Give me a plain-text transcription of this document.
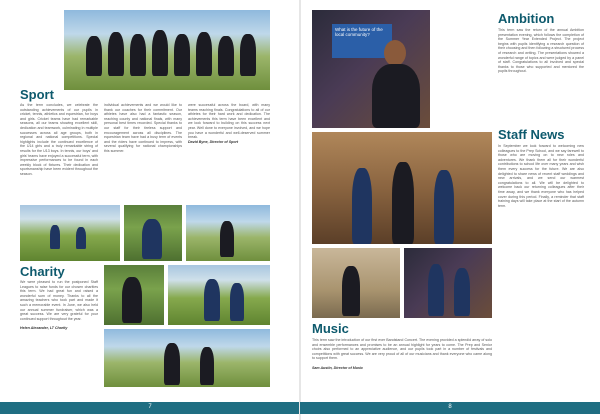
Sport
As the term concludes, we celebrate the outstanding achievements of our pupils in cricket, tennis, athletics and equestrian, for boys and girls. Cricket teams have had remarkable seasons, all our teams showing excellent skill, dedication and teamwork, culminating in multiple successes across all age groups, both in regional and national competitions. Special highlights include the continued excellence of the U14 girls and a truly remarkable string of results for the U13 boys. In tennis, our boys' and girls' teams have enjoyed a successful term, with impressive performances to be found in each weekly block of fixtures. Their dedication and sportsmanship have been evident throughout the season.
individual achievements and we would like to thank our coaches for their commitment. Our athletes have also had a fantastic season, reaching county and national finals, with many personal best times recorded. Special thanks to our staff for their tireless support and encouragement across all disciplines. The equestrian team have had a busy term of events and the riders have continued to impress, with several qualifying for national championships this summer.
were successful across the board, with many teams reaching finals. Congratulations to all of our athletes for their hard work and dedication. The achievements this term have been excellent and we look forward to building on this success next year. Well done to everyone involved, and we hope you have a wonderful and well-deserved summer break.
David Byne, Director of Sport
Charity
We were pleased to run the postponed Staff Leagues to raise funds for our chosen charities this term. We had great fun and raised a wonderful sum of money. Thanks to all the amazing teachers who took part and made it such a memorable event. In June, we also held our annual summer fundraiser, which was a great success. We are very grateful for your continued support throughout the year.

Helen Alexander, LT Charity
7
What is the future of the local community?
Ambition
This term saw the return of the annual Ambition presentation evening, which follows the completion of the Summer Year Extended Project. The project begins with pupils identifying a research question of their choosing and then following a structured process of research and writing. The presentations showed a wonderful range of topics and were judged by a panel of staff. Congratulations to all involved and special thanks to those who supported and mentored the pupils throughout.
Staff News
In September we look forward to welcoming new colleagues to the Prep School, and we say farewell to those who are moving on to new roles and adventures. We thank them all for their wonderful contributions to school life over many years and wish them every success for the future. We are also delighted to share news of recent staff weddings and new arrivals, and we send our warmest congratulations to all. We will be delighted to welcome back our returning colleagues after their time away, and we thank everyone who has helped cover during this period. Finally, a reminder that staff training days will take place at the start of the autumn term.
Music
This term saw the introduction of our first ever Bandstand Concert. The evening provided a splendid array of solo and ensemble performances and promises to be an annual highlight for years to come. The Prep and Senior choirs also performed to an appreciative audience, and our pupils took part in a number of festivals and competitions with great success. We are very proud of all of our musicians and thank everyone who came along to support them.

Sam Austin, Director of Music
8
